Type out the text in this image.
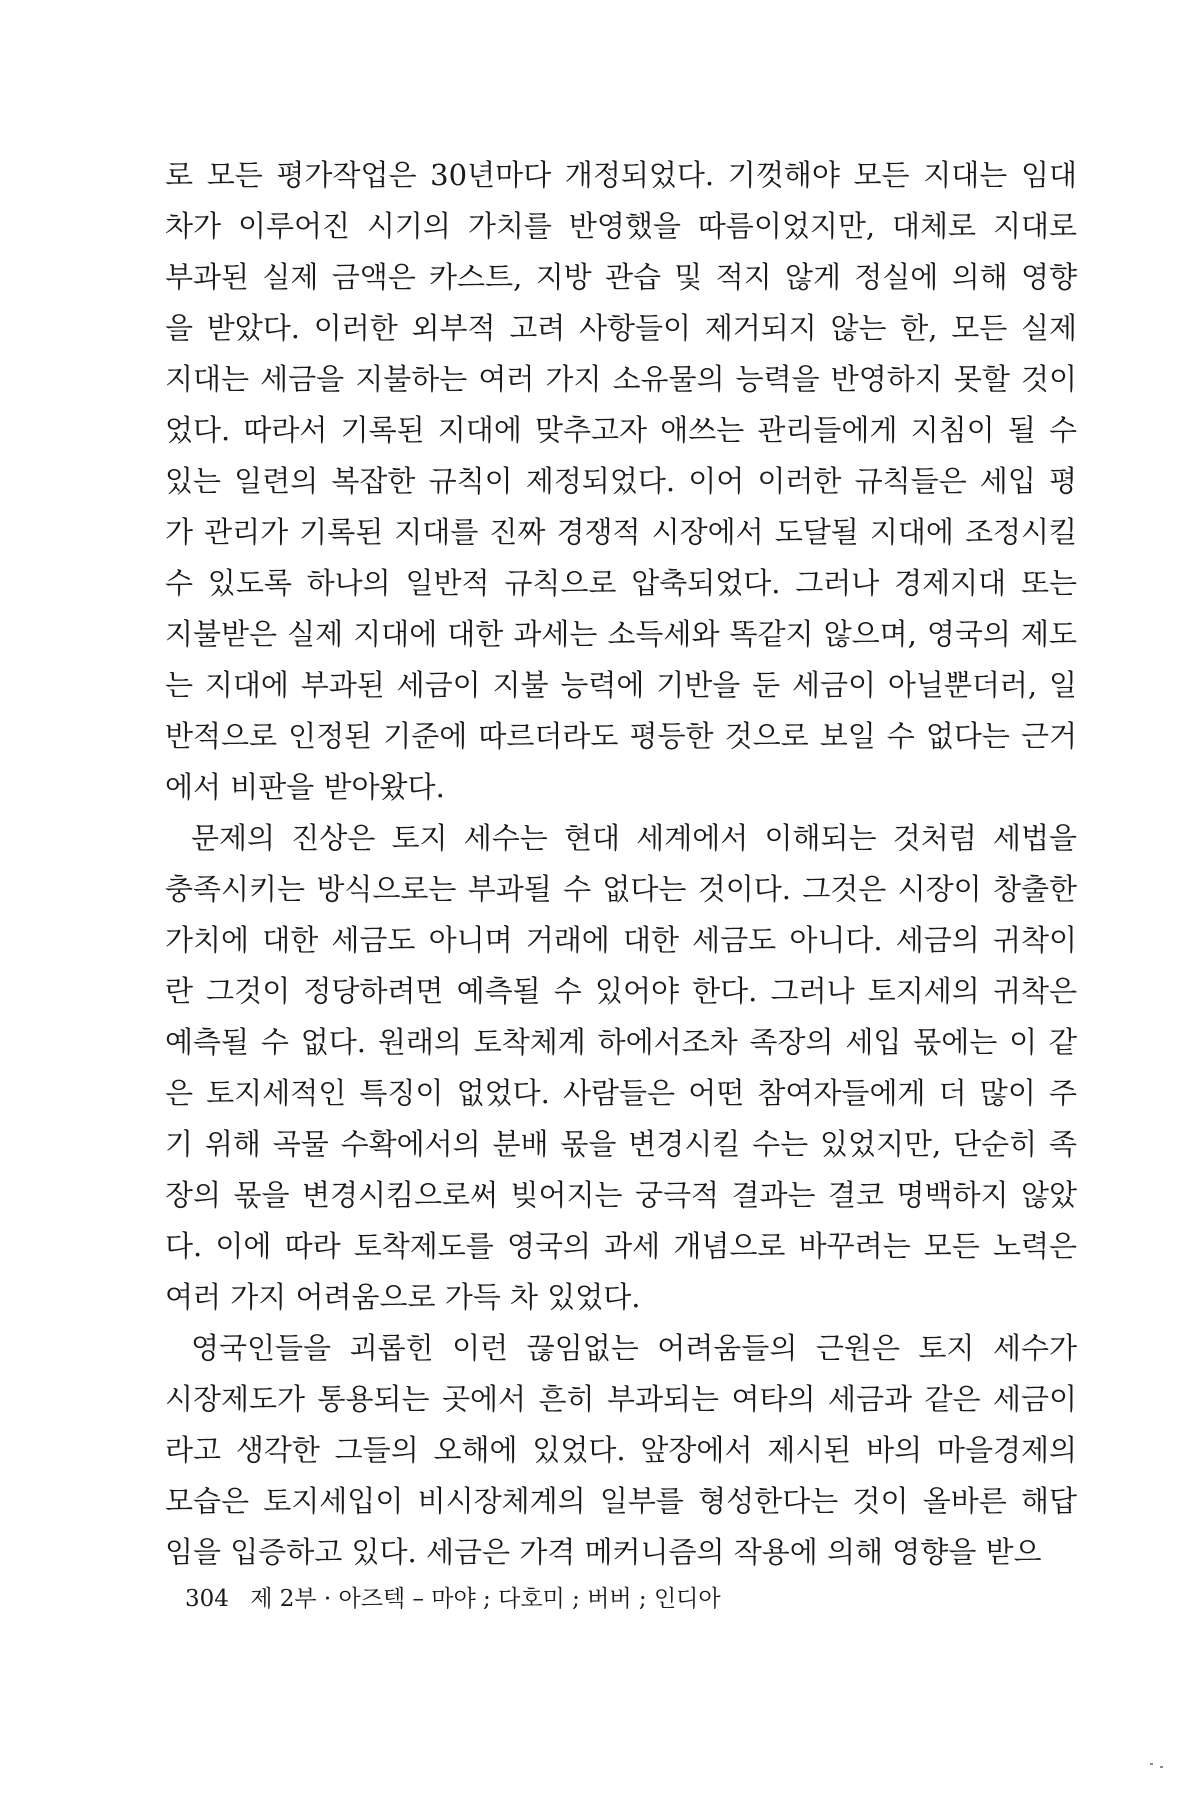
로 모든 평가작업은 30년마다 개정되었다. 기껏해야 모든 지대는 임대
차가 이루어진 시기의 가치를 반영했을 따름이었지만, 대체로 지대로
부과된 실제 금액은 카스트, 지방 관습 및 적지 않게 정실에 의해 영향
을 받았다. 이러한 외부적 고려 사항들이 제거되지 않는 한, 모든 실제
지대는 세금을 지불하는 여러 가지 소유물의 능력을 반영하지 못할 것이
었다. 따라서 기록된 지대에 맞추고자 애쓰는 관리들에게 지침이 될 수
있는 일련의 복잡한 규칙이 제정되었다. 이어 이러한 규칙들은 세입 평
가 관리가 기록된 지대를 진짜 경쟁적 시장에서 도달될 지대에 조정시킬
수 있도록 하나의 일반적 규칙으로 압축되었다. 그러나 경제지대 또는
지불받은 실제 지대에 대한 과세는 소득세와 똑같지 않으며, 영국의 제도
는 지대에 부과된 세금이 지불 능력에 기반을 둔 세금이 아닐뿐더러, 일
반적으로 인정된 기준에 따르더라도 평등한 것으로 보일 수 없다는 근거
에서 비판을 받아왔다.
문제의 진상은 토지 세수는 현대 세계에서 이해되는 것처럼 세법을
충족시키는 방식으로는 부과될 수 없다는 것이다. 그것은 시장이 창출한
가치에 대한 세금도 아니며 거래에 대한 세금도 아니다. 세금의 귀착이
란 그것이 정당하려면 예측될 수 있어야 한다. 그러나 토지세의 귀착은
예측될 수 없다. 원래의 토착체계 하에서조차 족장의 세입 몫에는 이 같
은 토지세적인 특징이 없었다. 사람들은 어떤 참여자들에게 더 많이 주
기 위해 곡물 수확에서의 분배 몫을 변경시킬 수는 있었지만, 단순히 족
장의 몫을 변경시킴으로써 빚어지는 궁극적 결과는 결코 명백하지 않았
다. 이에 따라 토착제도를 영국의 과세 개념으로 바꾸려는 모든 노력은
여러 가지 어려움으로 가득 차 있었다.
영국인들을 괴롭힌 이런 끊임없는 어려움들의 근원은 토지 세수가
시장제도가 통용되는 곳에서 흔히 부과되는 여타의 세금과 같은 세금이
라고 생각한 그들의 오해에 있었다. 앞장에서 제시된 바의 마을경제의
모습은 토지세입이 비시장체계의 일부를 형성한다는 것이 올바른 해답
임을 입증하고 있다. 세금은 가격 메커니즘의 작용에 의해 영향을 받으
304 제 2부 · 아즈텍 – 마야 ; 다호미 ; 버버 ; 인디아
